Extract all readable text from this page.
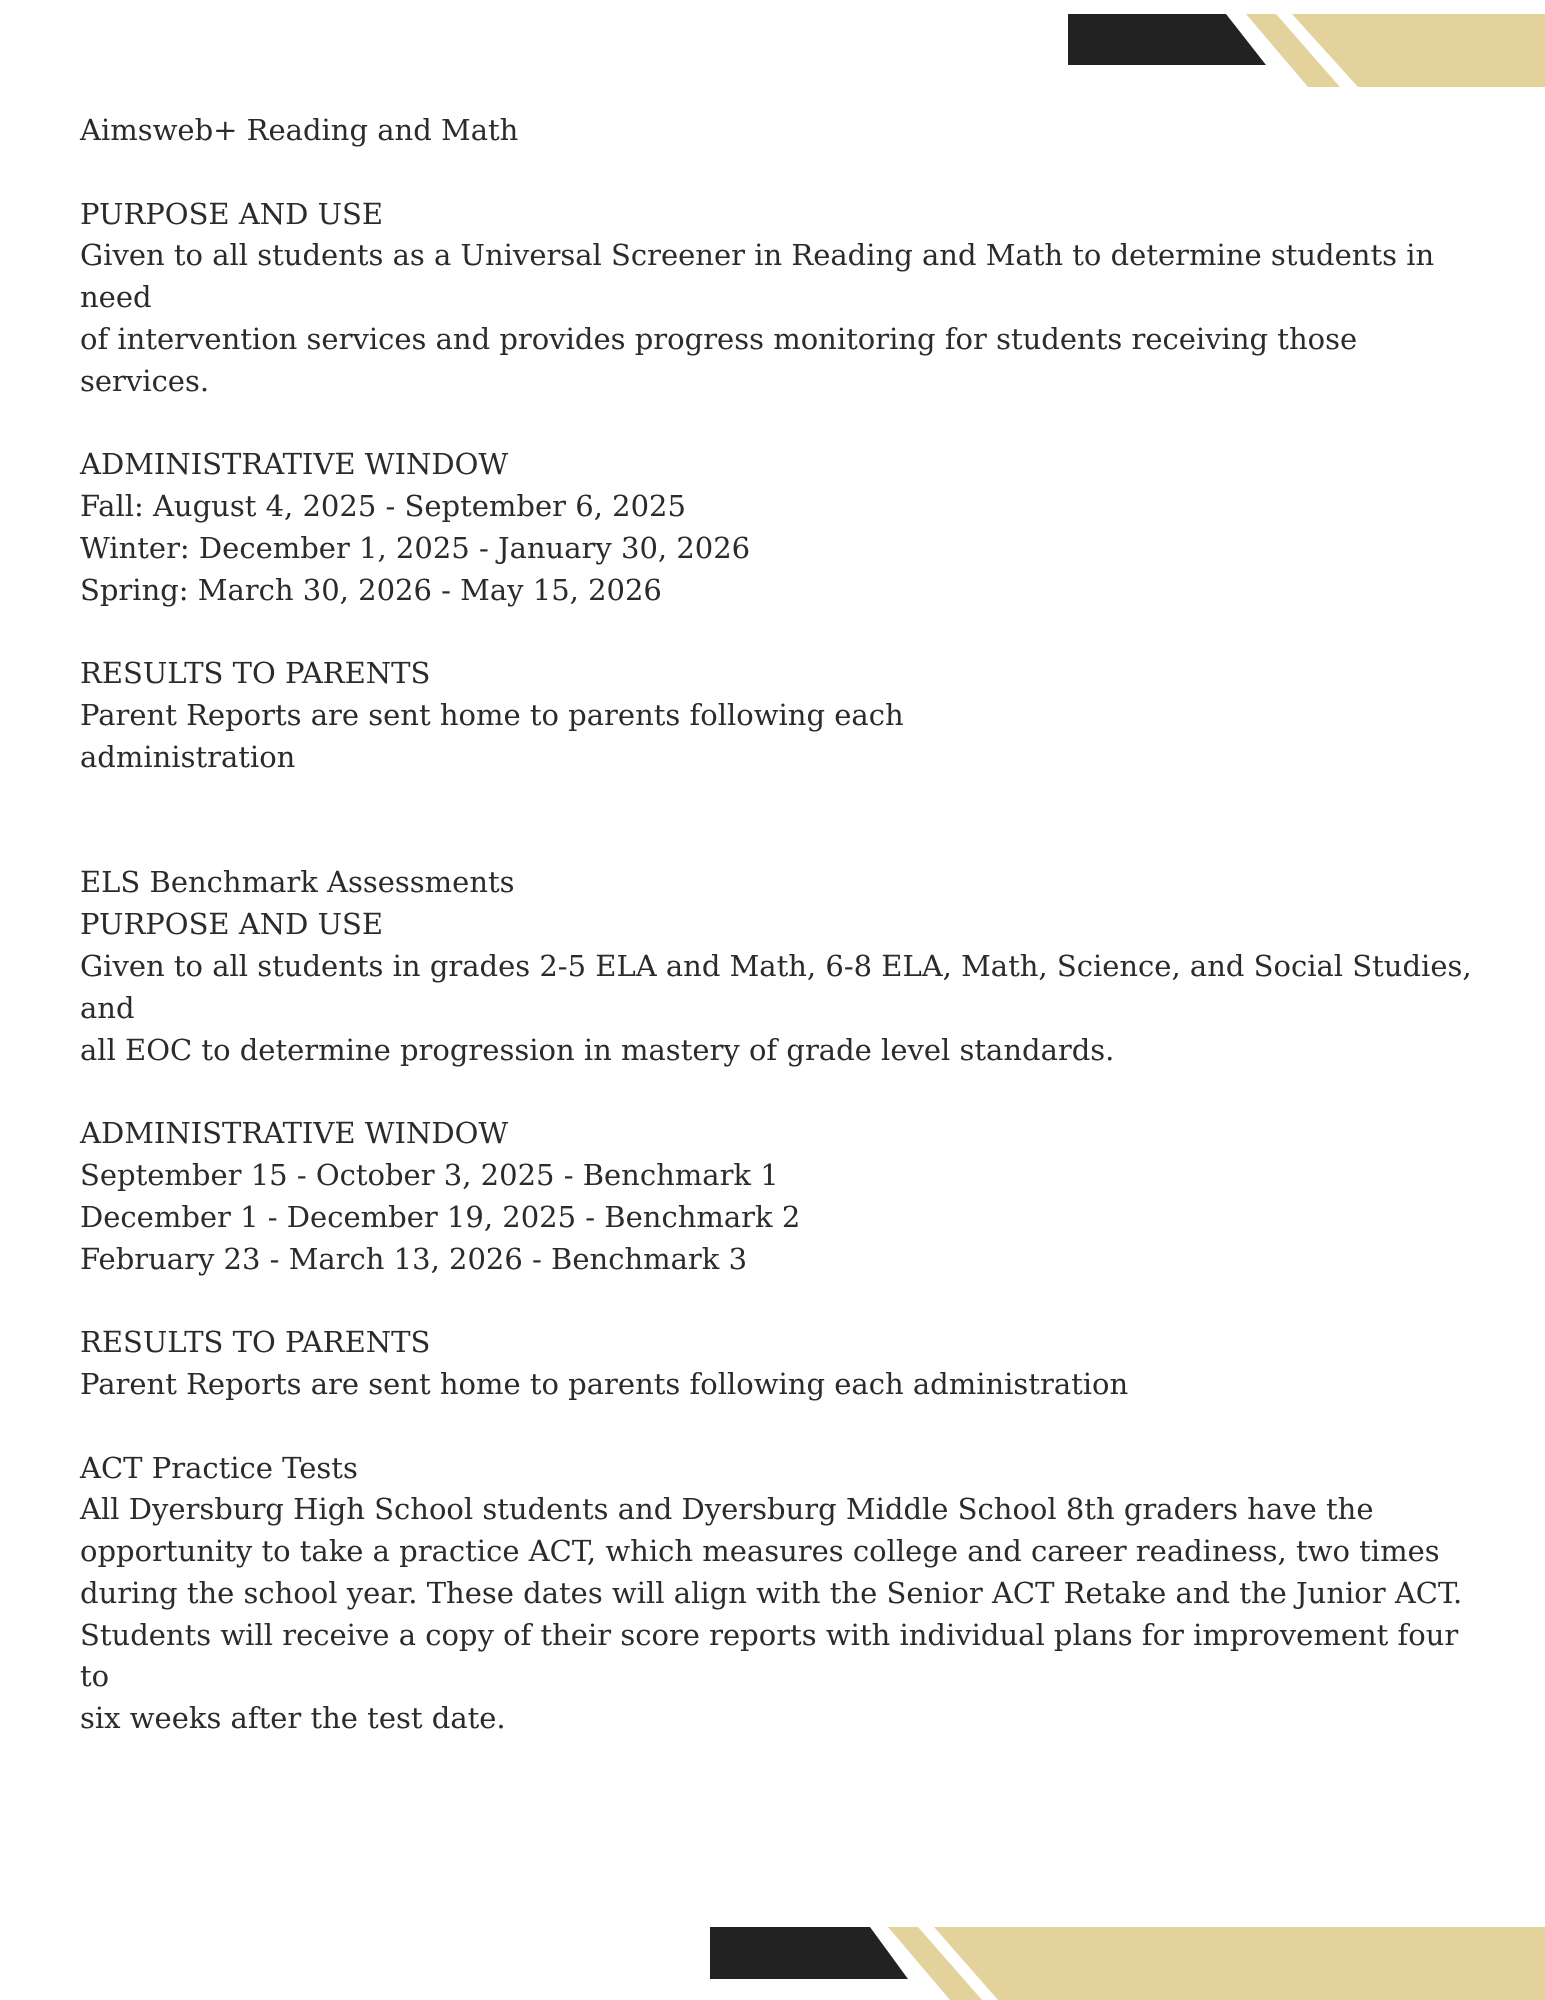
Aimsweb+ Reading and Math

PURPOSE AND USE

Given to all students as a Universal Screener in Reading and Math to determine students in need

of intervention services and provides progress monitoring for students receiving those services.

ADMINISTRATIVE WINDOW

Fall: August 4, 2025 - September 6, 2025

Winter: December 1, 2025 - January 30, 2026

Spring: March 30, 2026 - May 15, 2026

RESULTS TO PARENTS

Parent Reports are sent home to parents following each

administration

ELS Benchmark Assessments

PURPOSE AND USE

Given to all students in grades 2-5 ELA and Math, 6-8 ELA, Math, Science, and Social Studies, and

all EOC to determine progression in mastery of grade level standards.

ADMINISTRATIVE WINDOW

September 15 - October 3, 2025 - Benchmark 1

December 1 - December 19, 2025 - Benchmark 2

February 23 - March 13, 2026 - Benchmark 3

RESULTS TO PARENTS

Parent Reports are sent home to parents following each administration

ACT Practice Tests

All Dyersburg High School students and Dyersburg Middle School 8th graders have the

opportunity to take a practice ACT, which measures college and career readiness, two times

during the school year. These dates will align with the Senior ACT Retake and the Junior ACT.

Students will receive a copy of their score reports with individual plans for improvement four to

six weeks after the test date.
